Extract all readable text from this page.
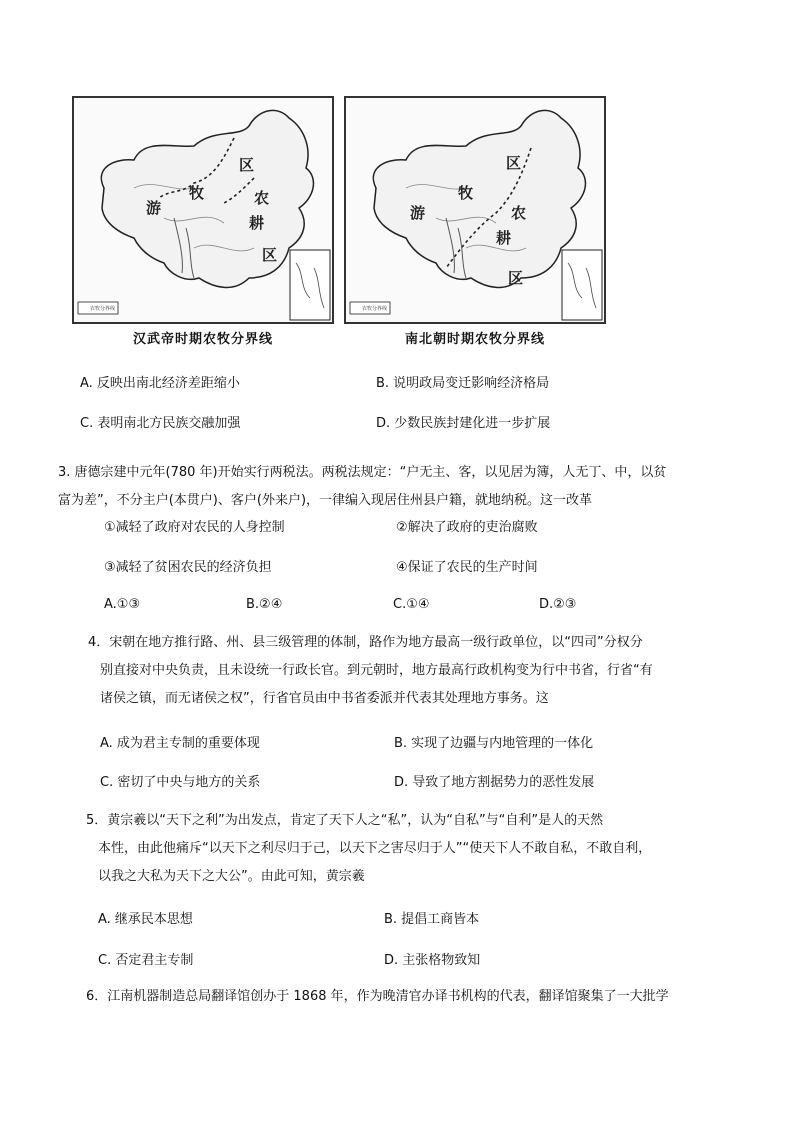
农牧分界线
区
牧	农
游
耕
区
农牧分界线
区
牧
农
游
耕
区
汉武帝时期农牧分界线	南北朝时期农牧分界线
A. 反映出南北经济差距缩小	B. 说明政局变迁影响经济格局
C. 表明南北方民族交融加强	D. 少数民族封建化进一步扩展
3. 唐德宗建中元年(780 年)开始实行两税法。两税法规定：“户无主、客，以见居为簿，人无丁、中，以贫
富为差”，不分主户(本贯户)、客户(外来户)，一律编入现居住州县户籍，就地纳税。这一改革
①减轻了政府对农民的人身控制	②解决了政府的吏治腐败
③减轻了贫困农民的经济负担	④保证了农民的生产时间
A.①③	B.②④	C.①④	D.②③
4．宋朝在地方推行路、州、县三级管理的体制，路作为地方最高一级行政单位，以“四司”分权分
别直接对中央负责，且未设统一行政长官。到元朝时，地方最高行政机构变为行中书省，行省“有
诸侯之镇，而无诸侯之权”，行省官员由中书省委派并代表其处理地方事务。这
A. 成为君主专制的重要体现	B. 实现了边疆与内地管理的一体化
C. 密切了中央与地方的关系	D. 导致了地方割据势力的恶性发展
5．黄宗羲以“天下之利”为出发点，肯定了天下人之“私”，认为“自私”与“自利”是人的天然
本性，由此他痛斥“以天下之利尽归于己，以天下之害尽归于人”“使天下人不敢自私，不敢自利，
以我之大私为天下之大公”。由此可知，黄宗羲
A. 继承民本思想	B. 提倡工商皆本
C. 否定君主专制	D. 主张格物致知
6．江南机器制造总局翻译馆创办于 1868 年，作为晚清官办译书机构的代表，翻译馆聚集了一大批学
